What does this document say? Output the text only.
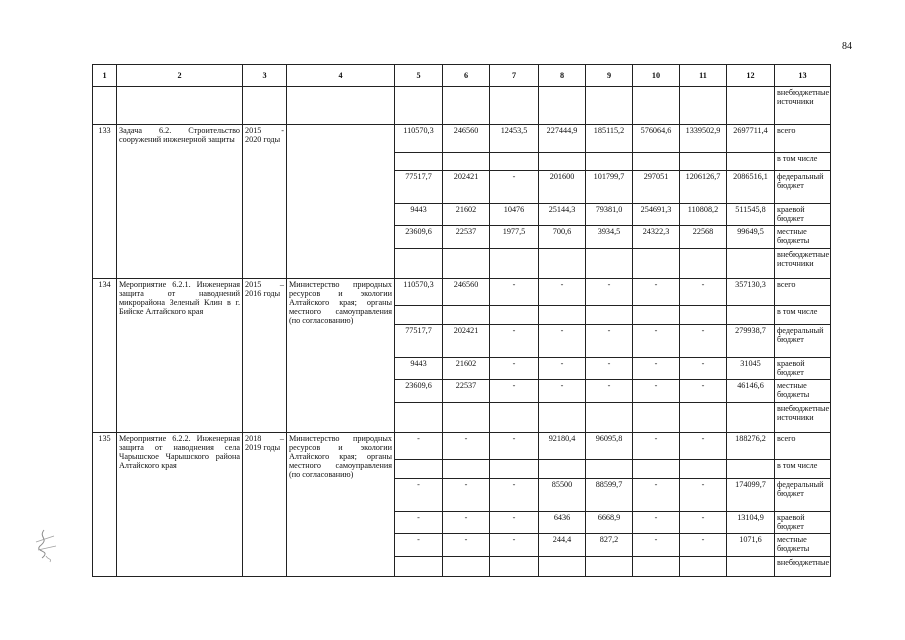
84
1	2	3	4	5	6	7	8	9	10	11	12	13
												внебюджетные источники
133	Задача 6.2. Строительство сооружений инженерной защиты	2015 - 2020 годы		110570,3	246560	12453,5	227444,9	185115,2	576064,6	1339502,9	2697711,4	всего
												в том числе
				77517,7	202421	-	201600	101799,7	297051	1206126,7	2086516,1	федеральный бюджет
				9443	21602	10476	25144,3	79381,0	254691,3	110808,2	511545,8	краевой бюджет
				23609,6	22537	1977,5	700,6	3934,5	24322,3	22568	99649,5	местные бюджеты
												внебюджетные источники
134	Мероприятие 6.2.1. Инженерная защита от наводнений микрорайона Зеленый Клин в г. Бийске Алтайского края	2015 – 2016 годы	Министерство природных ресурсов и экологии Алтайского края; органы местного самоуправления (по согласованию)	110570,3	246560	-	-	-	-	-	357130,3	всего
												в том числе
				77517,7	202421	-	-	-	-	-	279938,7	федеральный бюджет
				9443	21602	-	-	-	-	-	31045	краевой бюджет
				23609,6	22537	-	-	-	-	-	46146,6	местные бюджеты
												внебюджетные источники
135	Мероприятие 6.2.2. Инженерная защита от наводнения села Чарышское Чарышского района Алтайского края	2018 – 2019 годы	Министерство природных ресурсов и экологии Алтайского края; органы местного самоуправления (по согласованию)	-	-	-	92180,4	96095,8	-	-	188276,2	всего
												в том числе
				-	-	-	85500	88599,7	-	-	174099,7	федеральный бюджет
				-	-	-	6436	6668,9	-	-	13104,9	краевой бюджет
				-	-	-	244,4	827,2	-	-	1071,6	местные бюджеты
												внебюджетные
